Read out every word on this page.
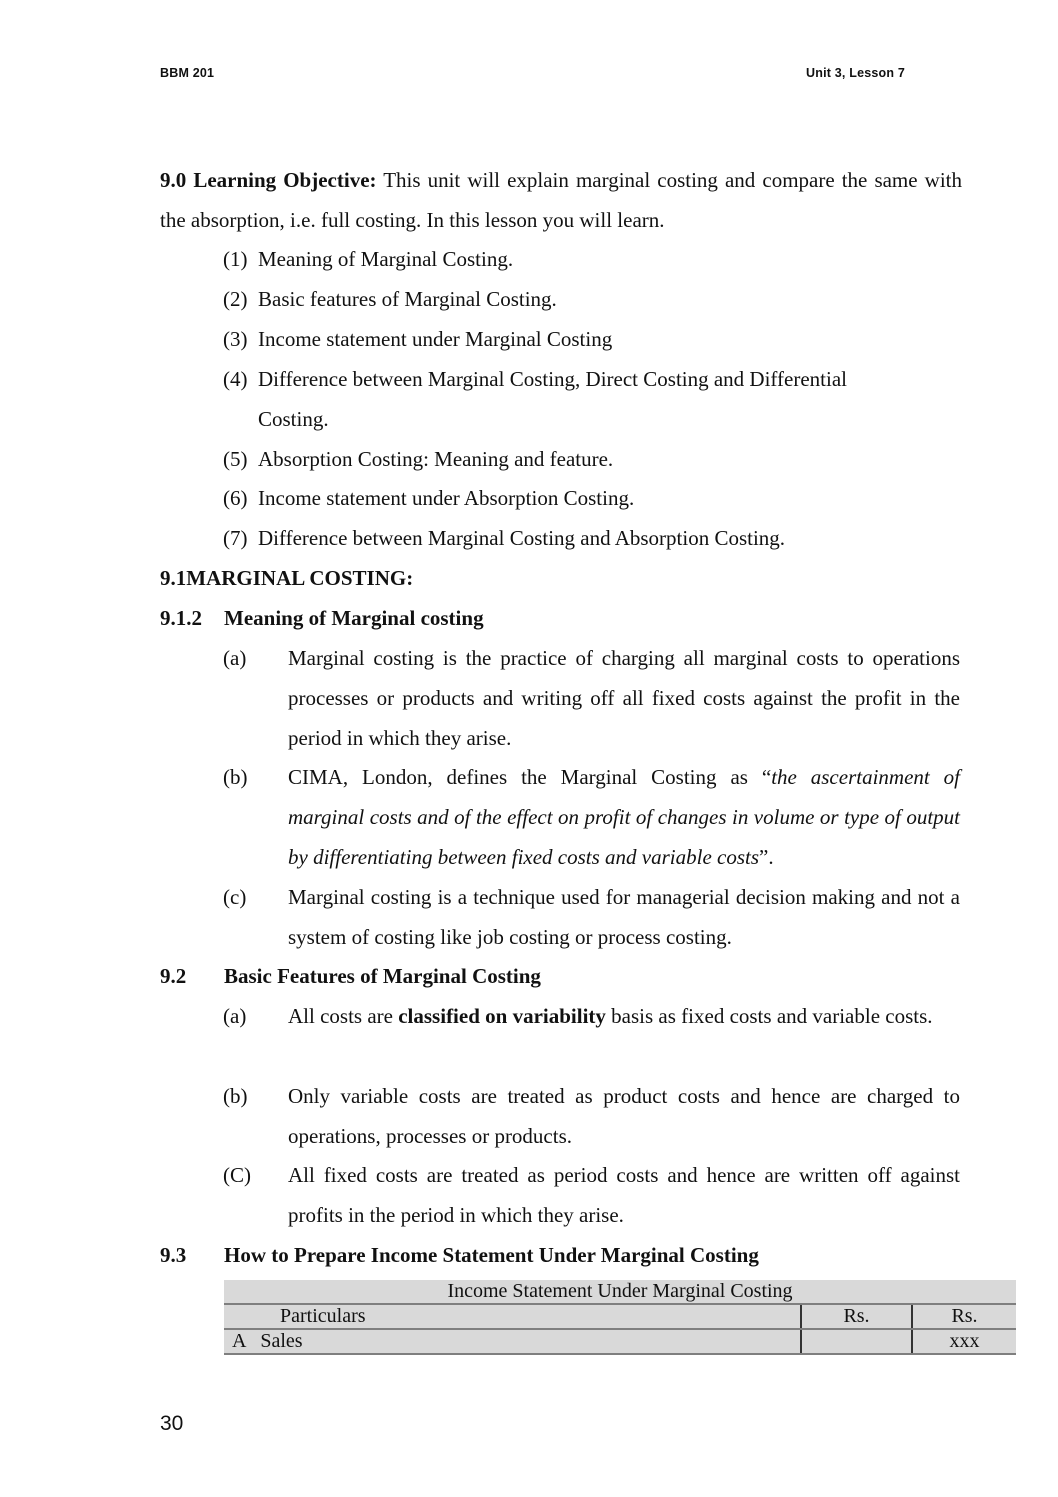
BBM 201	Unit 3, Lesson 7

9.0 Learning Objective: This unit will explain marginal costing and compare the same with the absorption, i.e. full costing. In this lesson you will learn.

(1) Meaning of Marginal Costing.
(2) Basic features of Marginal Costing.
(3) Income statement under Marginal Costing
(4) Difference between Marginal Costing, Direct Costing and Differential
Costing.
(5) Absorption Costing: Meaning and feature.
(6) Income statement under Absorption Costing.
(7) Difference between Marginal Costing and Absorption Costing.
9.1MARGINAL COSTING:
9.1.2 Meaning of Marginal costing
(a) Marginal costing is the practice of charging all marginal costs to operations processes or products and writing off all fixed costs against the profit in the period in which they arise.
(b) CIMA, London, defines the Marginal Costing as “the ascertainment of marginal costs and of the effect on profit of changes in volume or type of output by differentiating between fixed costs and variable costs”.
(c) Marginal costing is a technique used for managerial decision making and not a system of costing like job costing or process costing.
9.2 Basic Features of Marginal Costing
(a) All costs are classified on variability basis as fixed costs and variable costs.
(b) Only variable costs are treated as product costs and hence are charged to operations, processes or products.
(C) All fixed costs are treated as period costs and hence are written off against profits in the period in which they arise.
9.3 How to Prepare Income Statement Under Marginal Costing
Income Statement Under Marginal Costing		
Particulars	Rs.	Rs.
A   Sales		xxx
30
